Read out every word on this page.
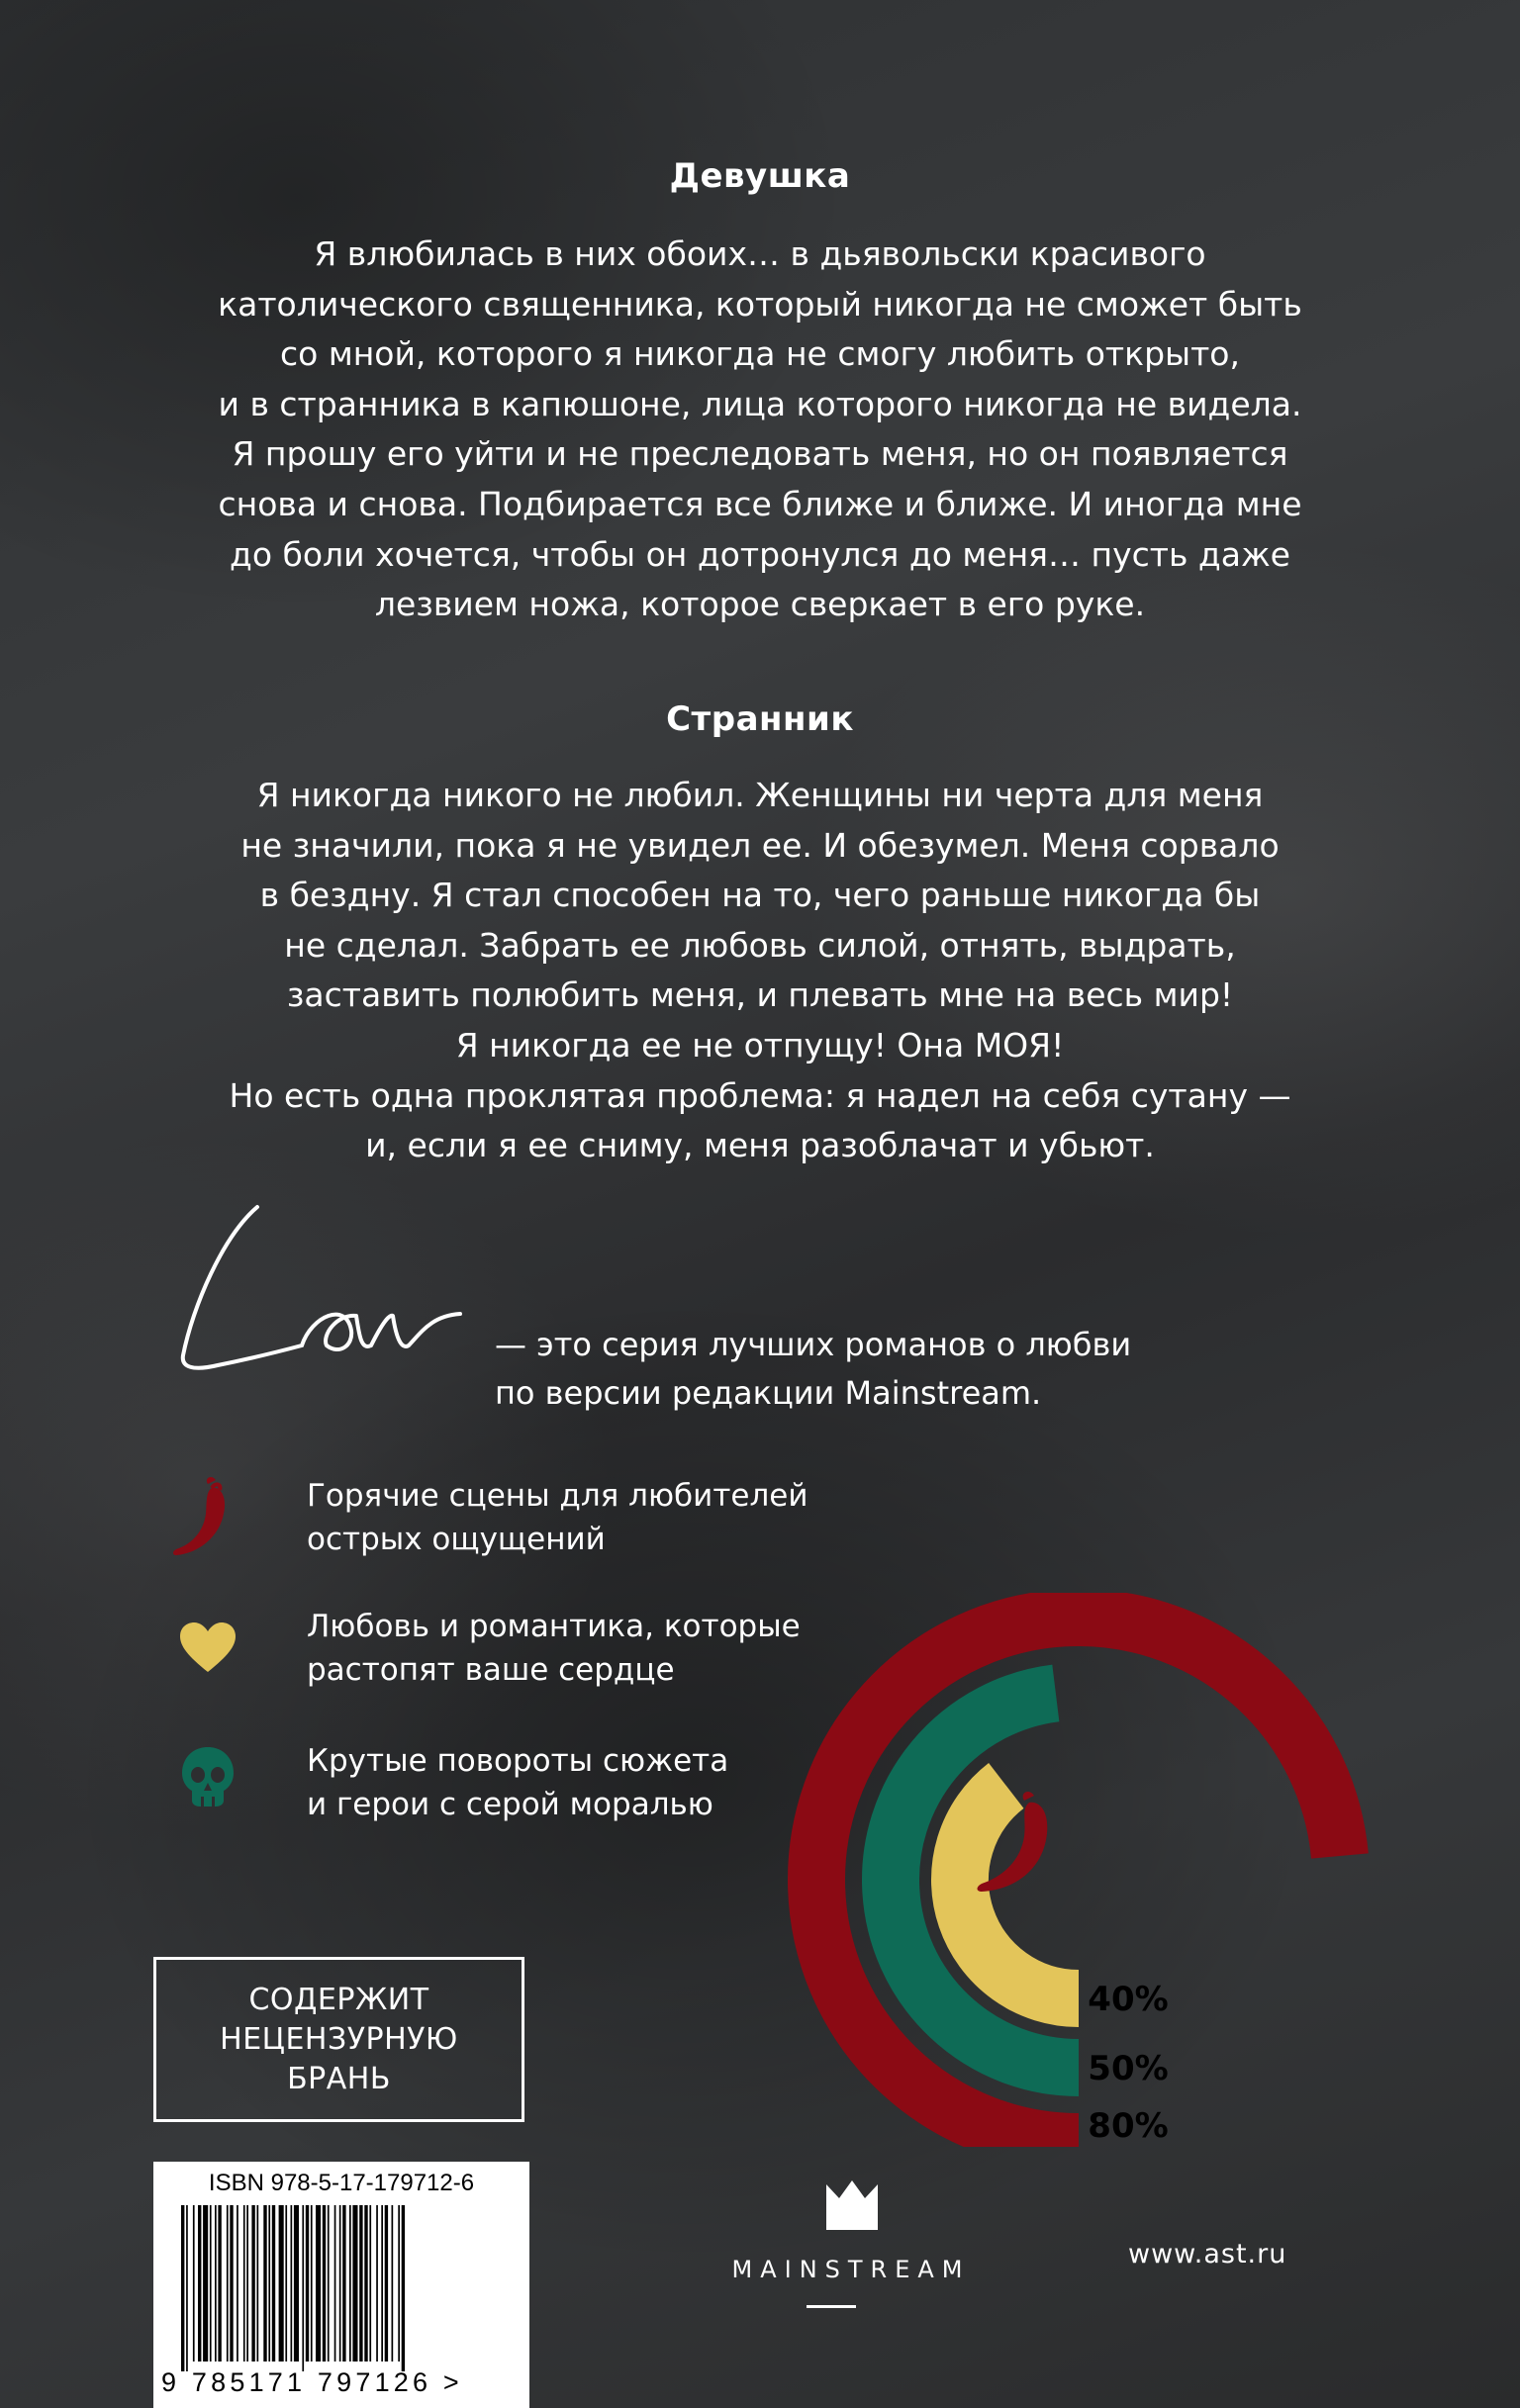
Девушка
Я влюбилась в них обоих… в дьявольски красивого
католического священника, который никогда не сможет быть
со мной, которого я никогда не смогу любить открыто,
и в странника в капюшоне, лица которого никогда не видела.
Я прошу его уйти и не преследовать меня, но он появляется
снова и снова. Подбирается все ближе и ближе. И иногда мне
до боли хочется, чтобы он дотронулся до меня… пусть даже
лезвием ножа, которое сверкает в его руке.
Странник
Я никогда никого не любил. Женщины ни черта для меня
не значили, пока я не увидел ее. И обезумел. Меня сорвало
в бездну. Я стал способен на то, чего раньше никогда бы
не сделал. Забрать ее любовь силой, отнять, выдрать,
заставить полюбить меня, и плевать мне на весь мир!
Я никогда ее не отпущу! Она МОЯ!
Но есть одна проклятая проблема: я надел на себя сутану —
и, если я ее сниму, меня разоблачат и убьют.
— это серия лучших романов о любви
по версии редакции Mainstream.
Горячие сцены для любителей
острых ощущений
Любовь и романтика, которые
растопят ваше сердце
Крутые повороты сюжета
и герои с серой моралью
80%
50%
40%
СОДЕРЖИТ
НЕЦЕНЗУРНУЮ
БРАНЬ
ISBN 978-5-17-179712-6
9 785171 797126 >
MAINSTREAM	www.ast.ru
